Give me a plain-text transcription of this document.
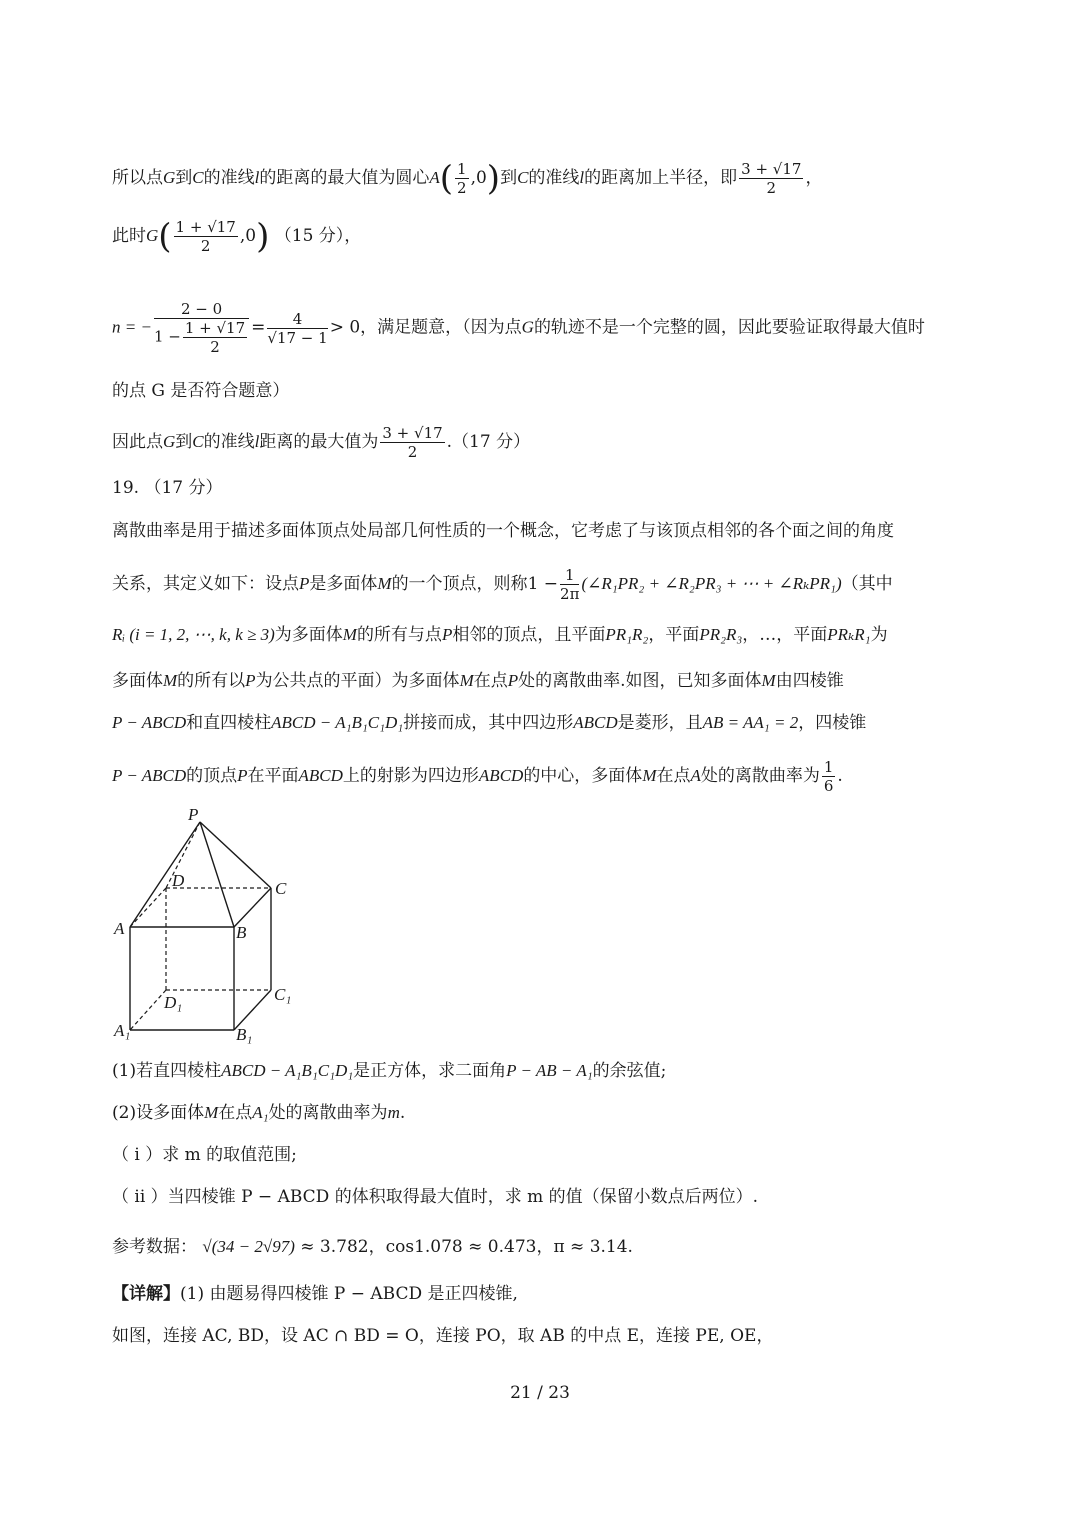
所以点G到C的准线l的距离的最大值为圆心$A( \frac{1}{2} ,0)$到C的准线l的距离加上半径，即 $\frac{3 + √17}{2}$ ，
此时$G( \frac{1 + √17}{2} ,0)$ （15 分），
n = − $\frac{2 - 0}{1 - \frac{1 + √17}{2}} = \frac{4}{√17 - 1} > 0$，满足题意，（因为点G的轨迹不是一个完整的圆，因此要验证取得最大值时
的点 G 是否符合题意）
因此点G到C的准线l距离的最大值为 $\frac{3 + √17}{2} .(17$ 分）
19. （17 分）
离散曲率是用于描述多面体顶点处局部几何性质的一个概念，它考虑了与该顶点相邻的各个面之间的角度
关系，其定义如下：设点P是多面体M的一个顶点，则称$1 - \frac{1}{2\pi}$ (∠R₁PR₂ + ∠R₂PR₃ + ⋯ + ∠RₖPR₁)（其中
Rᵢ (i = 1, 2, ⋯, k, k ≥ 3)为多面体M的所有与点P相邻的顶点，且平面PR₁R₂，平面PR₂R₃，…，平面PRₖR₁为
多面体M的所有以P为公共点的平面）为多面体M在点P处的离散曲率.如图，已知多面体M由四棱锥
P − ABCD和直四棱柱ABCD − A₁B₁C₁D₁拼接而成，其中四边形ABCD是菱形，且AB = AA₁ = 2，四棱锥
P − ABCD的顶点P在平面ABCD上的射影为四边形ABCD的中心，多面体M在点A处的离散曲率为 $\frac{1}{6}$ .
P
D	C
A	B
C₁
D₁
A₁	B₁
(1)若直四棱柱ABCD − A₁B₁C₁D₁是正方体，求二面角P − AB − A₁的余弦值;
(2)设多面体M在点A₁处的离散曲率为m.
（ i ）求 m 的取值范围;
（ ii ）当四棱锥 P − ABCD 的体积取得最大值时，求 m 的值（保留小数点后两位）.
参考数据： √(34 − 2√97) ≈ 3.782，cos1.078 ≈ 0.473，π ≈ 3.14.
【详解】(1) 由题易得四棱锥 P − ABCD 是正四棱锥,
如图，连接 AC, BD，设 AC ∩ BD = O，连接 PO，取 AB 的中点 E，连接 PE, OE，
21 / 23
